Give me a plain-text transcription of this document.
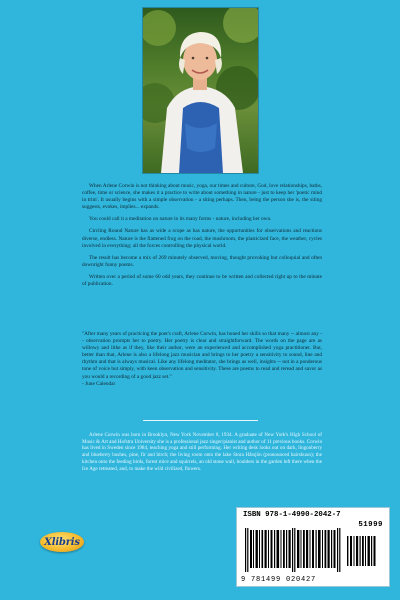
When Arlene Corwin is not thinking about music, yoga, our times and culture, God, love relationships, baths, coffee, time or science, she makes it a practice to write about something in nature - just to keep her 'poetic mind in trim'. It usually begins with a simple observation - a siting perhaps. Then, being the person she is, the siting suggests, evokes, implies... expands.

You could call it a meditation on nature in its many forms - nature, including her own.

Circling Round Nature has as wide a scope as has nature, the opportunities for observations and reactions diverse, endless. Nature is the flattened frog on the road, the mushroom, the plasticized face, the weather, cycles involved in everything; all the forces controlling the physical world.

The result has become a mix of 269 minutely observed, moving, thought provoking but colloquial and often downright funny poems.

Written over a period of some 60 odd years, they continue to be written and collected right up to the minute of publication.

"After many years of practicing the poet's craft, Arlene Corwin, has honed her skills so that many -- almost any -- observation prompts her to poetry. Her poetry is clear and straightforward. The words on the page are as willowy and lithe as if they, like their author, were an experienced and accomplished yoga practitioner. But, better than that, Arlene is also a lifelong jazz musician and brings to her poetry a sensitivity to sound, line and rhythm and that is always musical. Like any lifelong meditator, she brings as well, insights -- not in a ponderous tone of voice but simply, with keen observation and sensitivity. These are poems to read and reread and savor as you would a recording of a good jazz set."

- June Calendar

Arlene Corwin was born in Brooklyn, New York November 8, 1934. A graduate of New York's High School of Music & Art and Hofstra University she is a professional jazz singer/pianist and author of 11 previous books. Corwin has lived in Sweden since 1984, teaching yoga and still performing. Her writing desk looks out on dark, lingonberry and blueberry bushes, pine, fir and birch; the living room onto the lake Stora Hårsjön (pronounced hairshuun); the kitchen onto the feeding birds, forest mice and squirrels, an old stone wall, boulders in the garden left there when the Ice Age retreated, and, to make the wild civilized, flowers.

Xlibris
ISBN 978-1-4990-2042-7
51999
9 781499 020427
